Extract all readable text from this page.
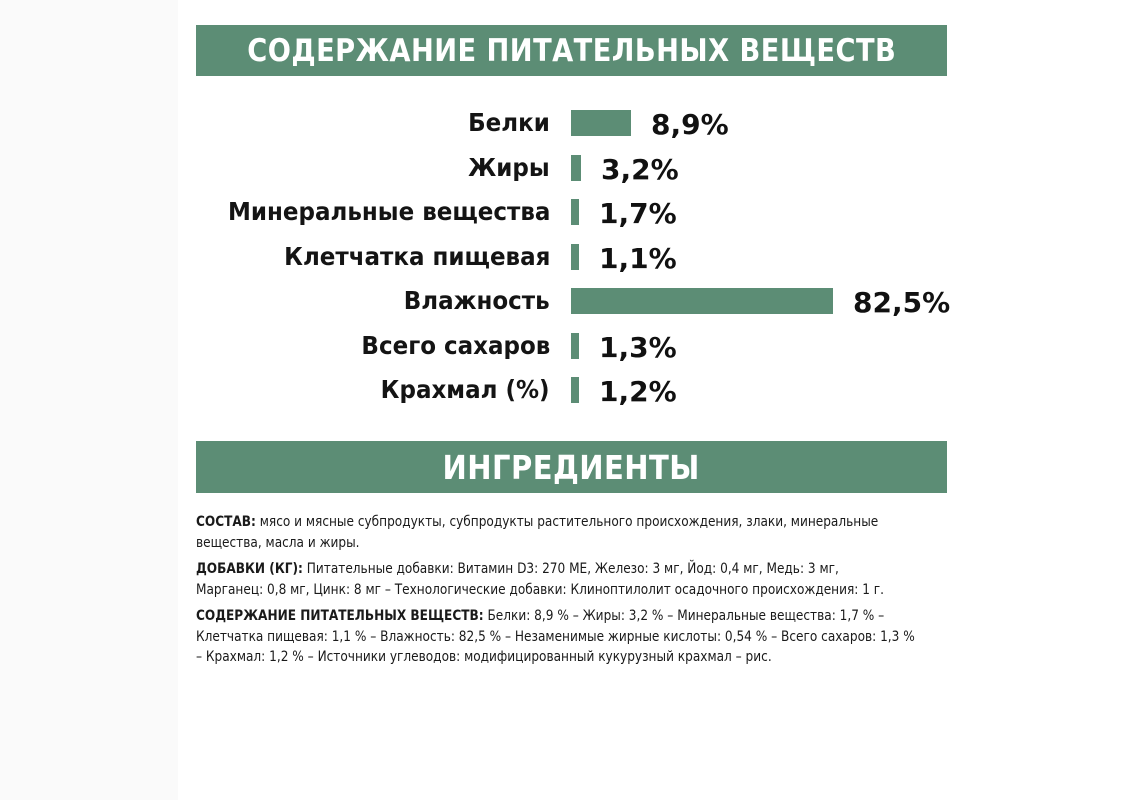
СОДЕРЖАНИЕ ПИТАТЕЛЬНЫХ ВЕЩЕСТВ
Белки	8,9%
Жиры 3,2%
Минеральные вещества 1,7%
Клетчатка пищевая 1,1%
Влажность	82,5%
Всего сахаров 1,3%
Крахмал (%) 1,2%
ИНГРЕДИЕНТЫ

СОСТАВ: мясо и мясные субпродукты, субпродукты растительного происхождения, злаки, минеральные вещества, масла и жиры.

ДОБАВКИ (КГ): Питательные добавки: Витамин D3: 270 МЕ, Железо: 3 мг, Йод: 0,4 мг, Медь: 3 мг, Марганец: 0,8 мг, Цинк: 8 мг – Технологические добавки: Клиноптилолит осадочного происхождения: 1 г.

СОДЕРЖАНИЕ ПИТАТЕЛЬНЫХ ВЕЩЕСТВ: Белки: 8,9 % – Жиры: 3,2 % – Минеральные вещества: 1,7 % – Клетчатка пищевая: 1,1 % – Влажность: 82,5 % – Незаменимые жирные кислоты: 0,54 % – Всего сахаров: 1,3 % – Крахмал: 1,2 % – Источники углеводов: модифицированный кукурузный крахмал – рис.
